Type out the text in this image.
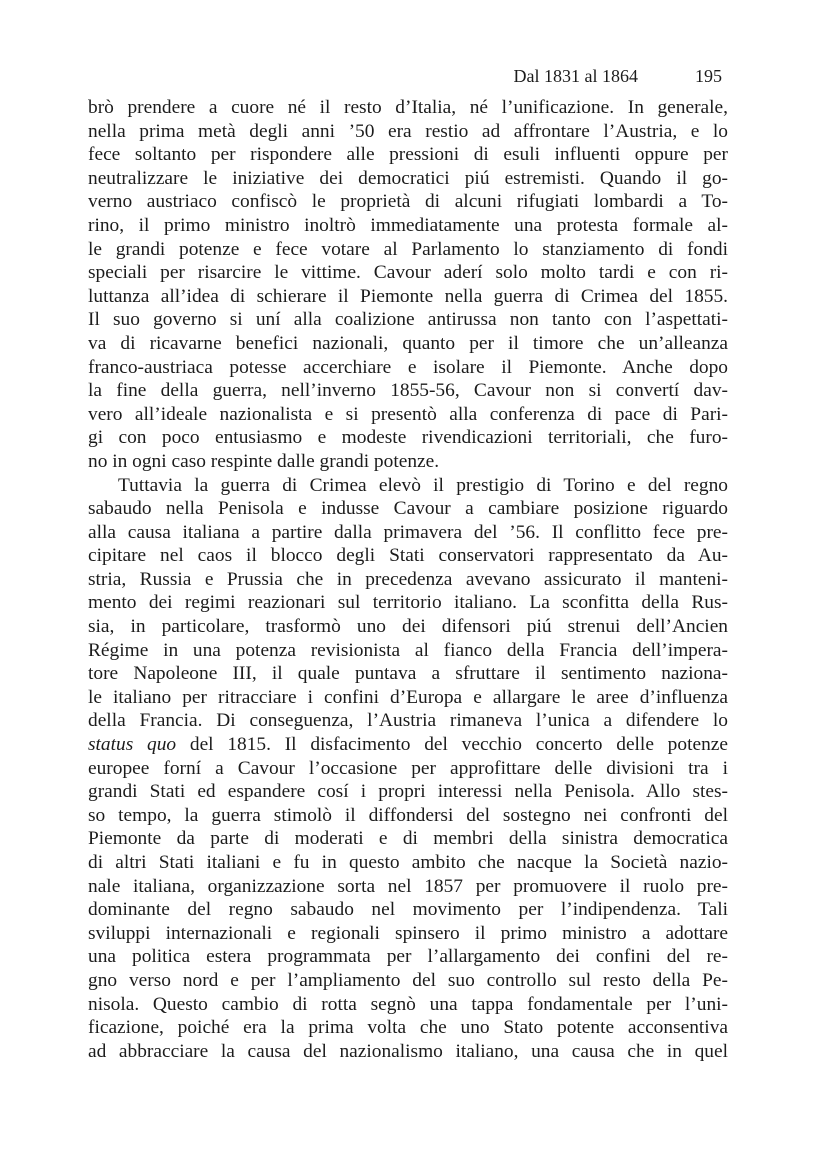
Dal 1831 al 1864	195
brò prendere a cuore né il resto d’Italia, né l’unificazione. In generale,
nella prima metà degli anni ’50 era restio ad affrontare l’Austria, e lo
fece soltanto per rispondere alle pressioni di esuli influenti oppure per
neutralizzare le iniziative dei democratici piú estremisti. Quando il go-
verno austriaco confiscò le proprietà di alcuni rifugiati lombardi a To-
rino, il primo ministro inoltrò immediatamente una protesta formale al-
le grandi potenze e fece votare al Parlamento lo stanziamento di fondi
speciali per risarcire le vittime. Cavour aderí solo molto tardi e con ri-
luttanza all’idea di schierare il Piemonte nella guerra di Crimea del 1855.
Il suo governo si uní alla coalizione antirussa non tanto con l’aspettati-
va di ricavarne benefici nazionali, quanto per il timore che un’alleanza
franco-austriaca potesse accerchiare e isolare il Piemonte. Anche dopo
la fine della guerra, nell’inverno 1855-56, Cavour non si convertí dav-
vero all’ideale nazionalista e si presentò alla conferenza di pace di Pari-
gi con poco entusiasmo e modeste rivendicazioni territoriali, che furo-
no in ogni caso respinte dalle grandi potenze.
Tuttavia la guerra di Crimea elevò il prestigio di Torino e del regno
sabaudo nella Penisola e indusse Cavour a cambiare posizione riguardo
alla causa italiana a partire dalla primavera del ’56. Il conflitto fece pre-
cipitare nel caos il blocco degli Stati conservatori rappresentato da Au-
stria, Russia e Prussia che in precedenza avevano assicurato il manteni-
mento dei regimi reazionari sul territorio italiano. La sconfitta della Rus-
sia, in particolare, trasformò uno dei difensori piú strenui dell’Ancien
Régime in una potenza revisionista al fianco della Francia dell’impera-
tore Napoleone III, il quale puntava a sfruttare il sentimento naziona-
le italiano per ritracciare i confini d’Europa e allargare le aree d’influenza
della Francia. Di conseguenza, l’Austria rimaneva l’unica a difendere lo
status quo del 1815. Il disfacimento del vecchio concerto delle potenze
europee forní a Cavour l’occasione per approfittare delle divisioni tra i
grandi Stati ed espandere cosí i propri interessi nella Penisola. Allo stes-
so tempo, la guerra stimolò il diffondersi del sostegno nei confronti del
Piemonte da parte di moderati e di membri della sinistra democratica
di altri Stati italiani e fu in questo ambito che nacque la Società nazio-
nale italiana, organizzazione sorta nel 1857 per promuovere il ruolo pre-
dominante del regno sabaudo nel movimento per l’indipendenza. Tali
sviluppi internazionali e regionali spinsero il primo ministro a adottare
una politica estera programmata per l’allargamento dei confini del re-
gno verso nord e per l’ampliamento del suo controllo sul resto della Pe-
nisola. Questo cambio di rotta segnò una tappa fondamentale per l’uni-
ficazione, poiché era la prima volta che uno Stato potente acconsentiva
ad abbracciare la causa del nazionalismo italiano, una causa che in quel
